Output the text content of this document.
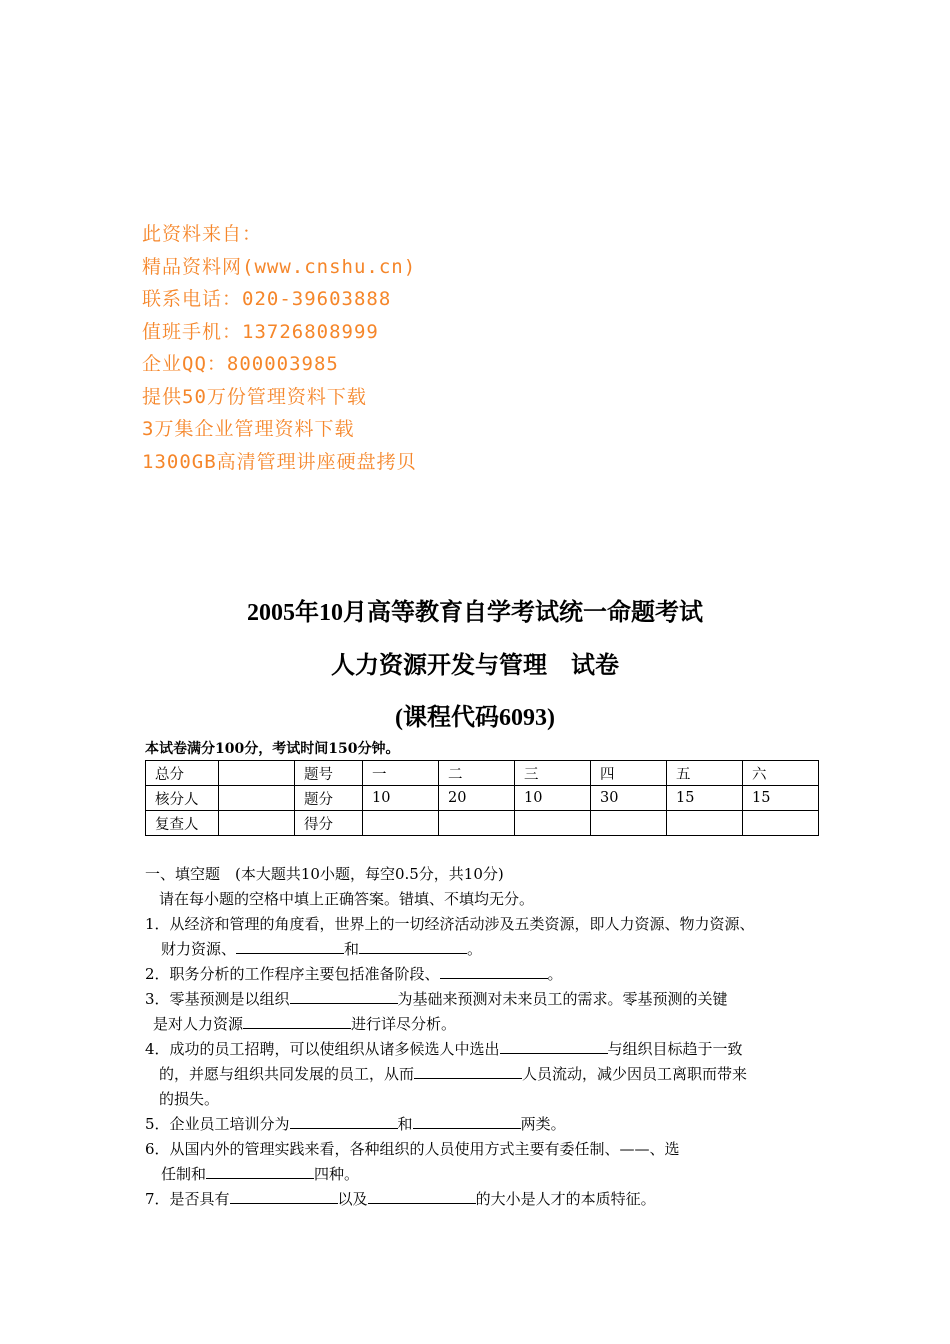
此资料来自：
精品资料网(www.cnshu.cn)
联系电话：020-39603888
值班手机：13726808999
企业QQ：800003985
提供50万份管理资料下载
3万集企业管理资料下载
1300GB高清管理讲座硬盘拷贝
2005年10月高等教育自学考试统一命题考试
人力资源开发与管理　试卷
(课程代码6093)
本试卷满分100分，考试时间150分钟。
总分		题号	一	二	三	四	五	六
核分人		题分	10	20	10	30	15	15
复查人		得分						
一、填空题　(本大题共10小题，每空0.5分，共10分)
请在每小题的空格中填上正确答案。错填、不填均无分。
1．从经济和管理的角度看，世界上的一切经济活动涉及五类资源，即人力资源、物力资源、
财力资源、	和	。
2．职务分析的工作程序主要包括准备阶段、	。
3．零基预测是以组织	为基础来预测对未来员工的需求。零基预测的关键
是对人力资源	进行详尽分析。
4．成功的员工招聘，可以使组织从诸多候选人中选出	与组织目标趋于一致
的，并愿与组织共同发展的员工，从而	人员流动，减少因员工离职而带来
的损失。
5．企业员工培训分为	和	两类。
6．从国内外的管理实践来看，各种组织的人员使用方式主要有委任制、——、选
任制和	四种。
7．是否具有	以及	的大小是人才的本质特征。
